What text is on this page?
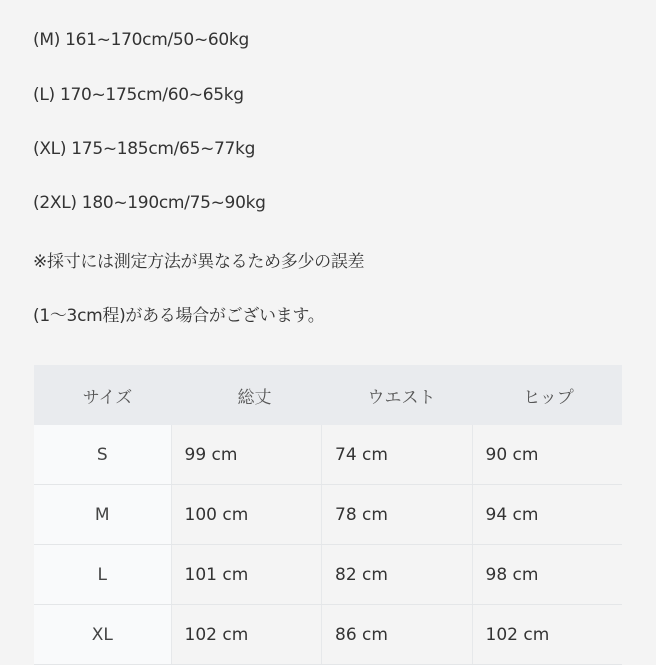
(M) 161~170cm/50~60kg
(L) 170~175cm/60~65kg
(XL) 175~185cm/65~77kg
(2XL) 180~190cm/75~90kg
※採寸には測定方法が異なるため多少の誤差
(1〜3cm程)がある場合がございます。
サイズ	総丈	ウエスト	ヒップ
S	99 cm	74 cm	90 cm
M	100 cm	78 cm	94 cm
L	101 cm	82 cm	98 cm
XL	102 cm	86 cm	102 cm
